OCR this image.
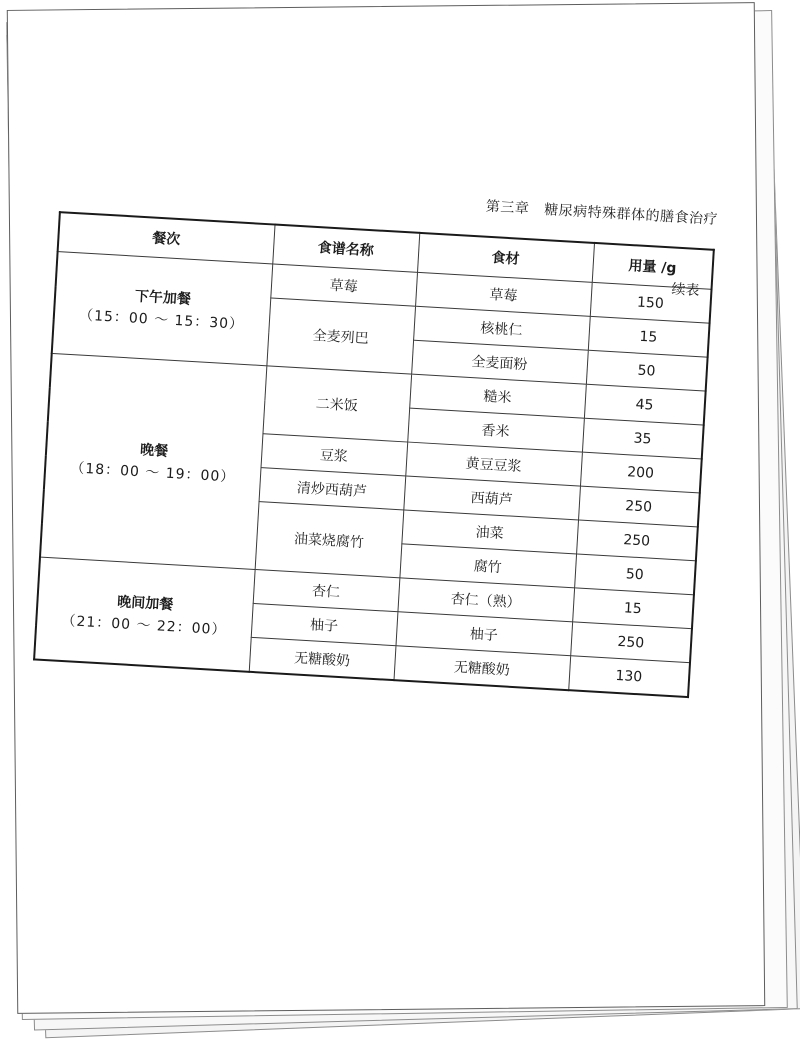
第三章 糖尿病特殊群体的膳食治疗
续表
餐次	食谱名称	食材	用量 /g

下午加餐
（15：00 ～ 15：30）	草莓	草莓	150
	全麦列巴	核桃仁	15
		全麦面粉	50

晚餐
（18：00 ～ 19：00）	二米饭	糙米	45
		香米	35
	豆浆	黄豆豆浆	200
	清炒西葫芦	西葫芦	250
	油菜烧腐竹	油菜	250
		腐竹	50

晚间加餐
（21：00 ～ 22：00）	杏仁	杏仁（熟）	15
	柚子	柚子	250
	无糖酸奶	无糖酸奶	130
